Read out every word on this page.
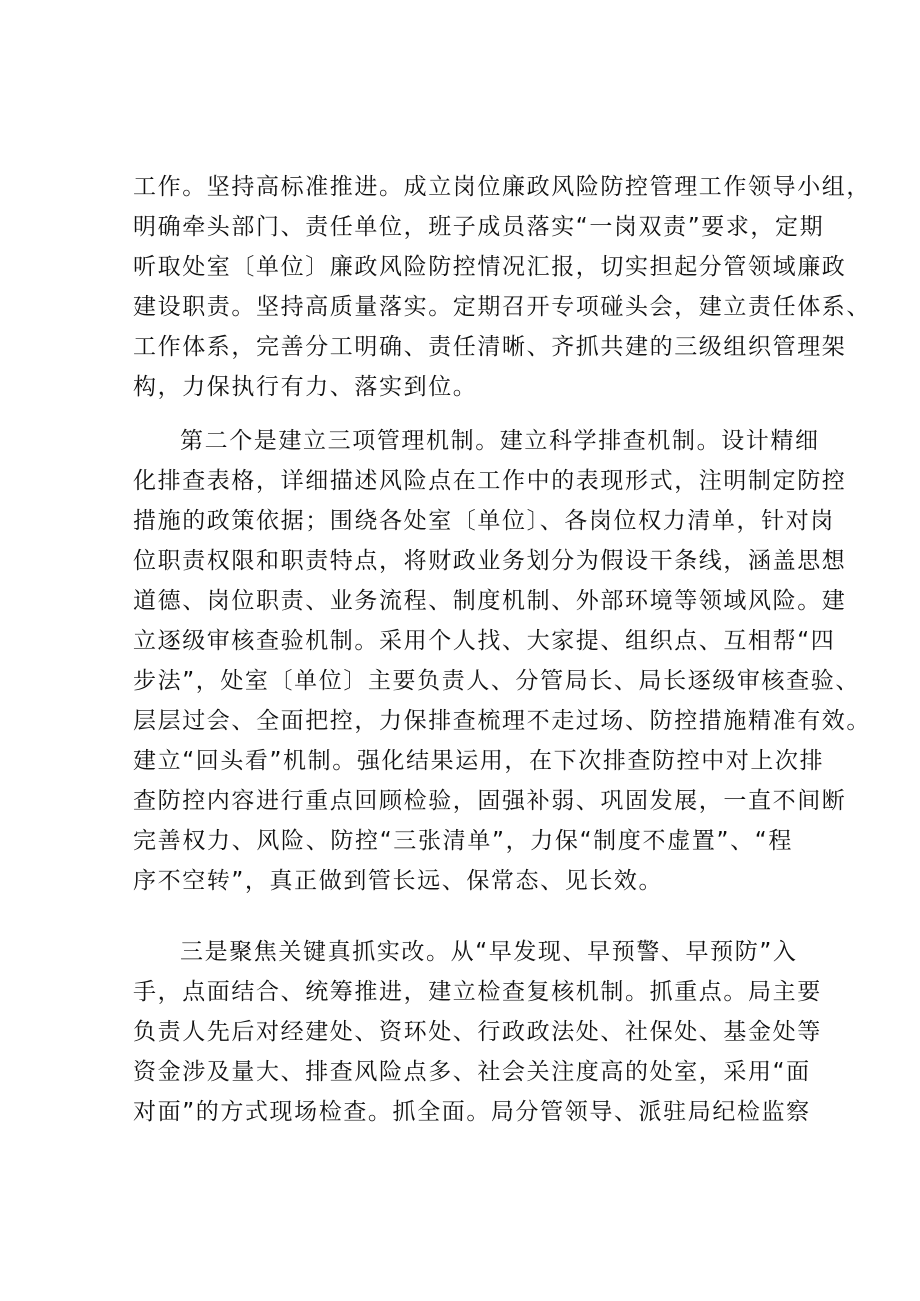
工作。坚持高标准推进。成立岗位廉政风险防控管理工作领导小组，
明确牵头部门、责任单位，班子成员落实“一岗双责”要求，定期
听取处室〔单位〕廉政风险防控情况汇报，切实担起分管领域廉政
建设职责。坚持高质量落实。定期召开专项碰头会，建立责任体系、
工作体系，完善分工明确、责任清晰、齐抓共建的三级组织管理架
构，力保执行有力、落实到位。
第二个是建立三项管理机制。建立科学排查机制。设计精细
化排查表格，详细描述风险点在工作中的表现形式，注明制定防控
措施的政策依据；围绕各处室〔单位〕、各岗位权力清单，针对岗
位职责权限和职责特点，将财政业务划分为假设干条线，涵盖思想
道德、岗位职责、业务流程、制度机制、外部环境等领域风险。建
立逐级审核查验机制。采用个人找、大家提、组织点、互相帮“四
步法”，处室〔单位〕主要负责人、分管局长、局长逐级审核查验、
层层过会、全面把控，力保排查梳理不走过场、防控措施精准有效。
建立“回头看”机制。强化结果运用，在下次排查防控中对上次排
查防控内容进行重点回顾检验，固强补弱、巩固发展，一直不间断
完善权力、风险、防控“三张清单”，力保“制度不虚置”、“程
序不空转”，真正做到管长远、保常态、见长效。
三是聚焦关键真抓实改。从“早发现、早预警、早预防”入
手，点面结合、统筹推进，建立检查复核机制。抓重点。局主要
负责人先后对经建处、资环处、行政政法处、社保处、基金处等
资金涉及量大、排查风险点多、社会关注度高的处室，采用“面
对面”的方式现场检查。抓全面。局分管领导、派驻局纪检监察
